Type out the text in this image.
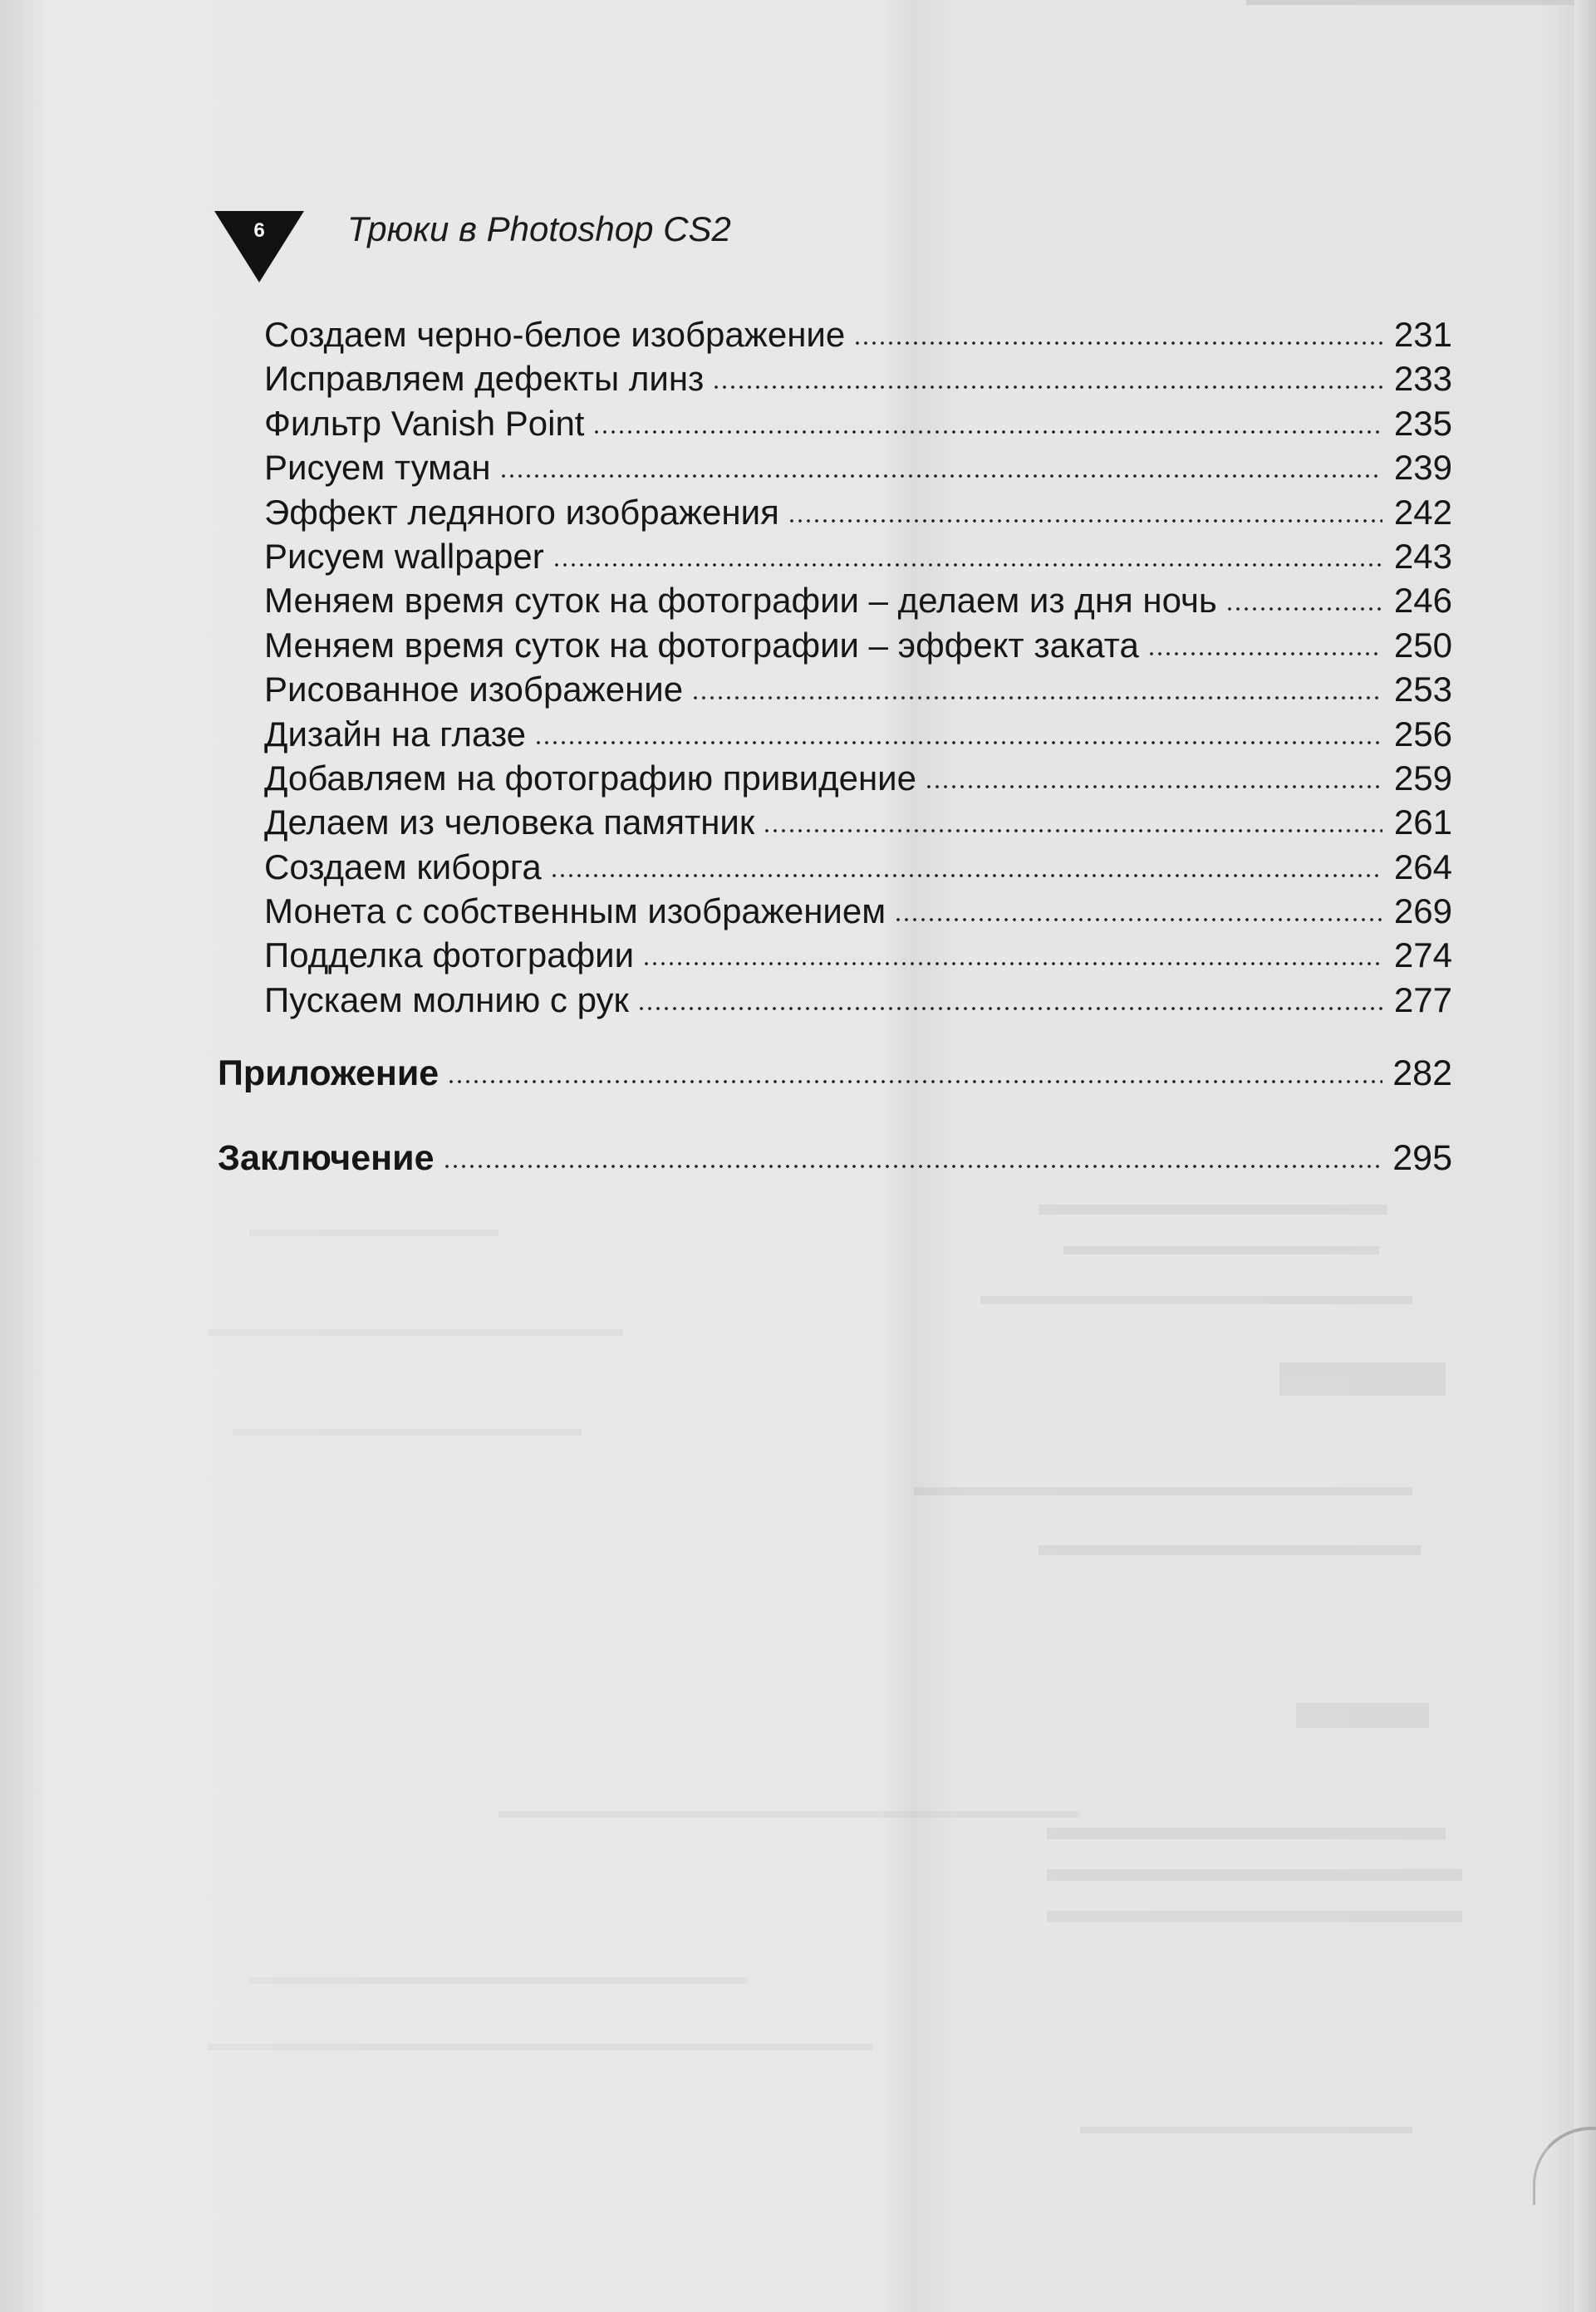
6	Трюки в Photoshop CS2
Создаем черно-белое изображение	231
Исправляем дефекты линз	233
Фильтр Vanish Point	235
Рисуем туман	239
Эффект ледяного изображения	242
Рисуем wallpaper	243
Меняем время суток на фотографии – делаем из дня ночь	246
Меняем время суток на фотографии – эффект заката	250
Рисованное изображение	253
Дизайн на глазе	256
Добавляем на фотографию привидение	259
Делаем из человека памятник	261
Создаем киборга	264
Монета с собственным изображением	269
Подделка фотографии	274
Пускаем молнию с рук	277
Приложение	282
Заключение	295
